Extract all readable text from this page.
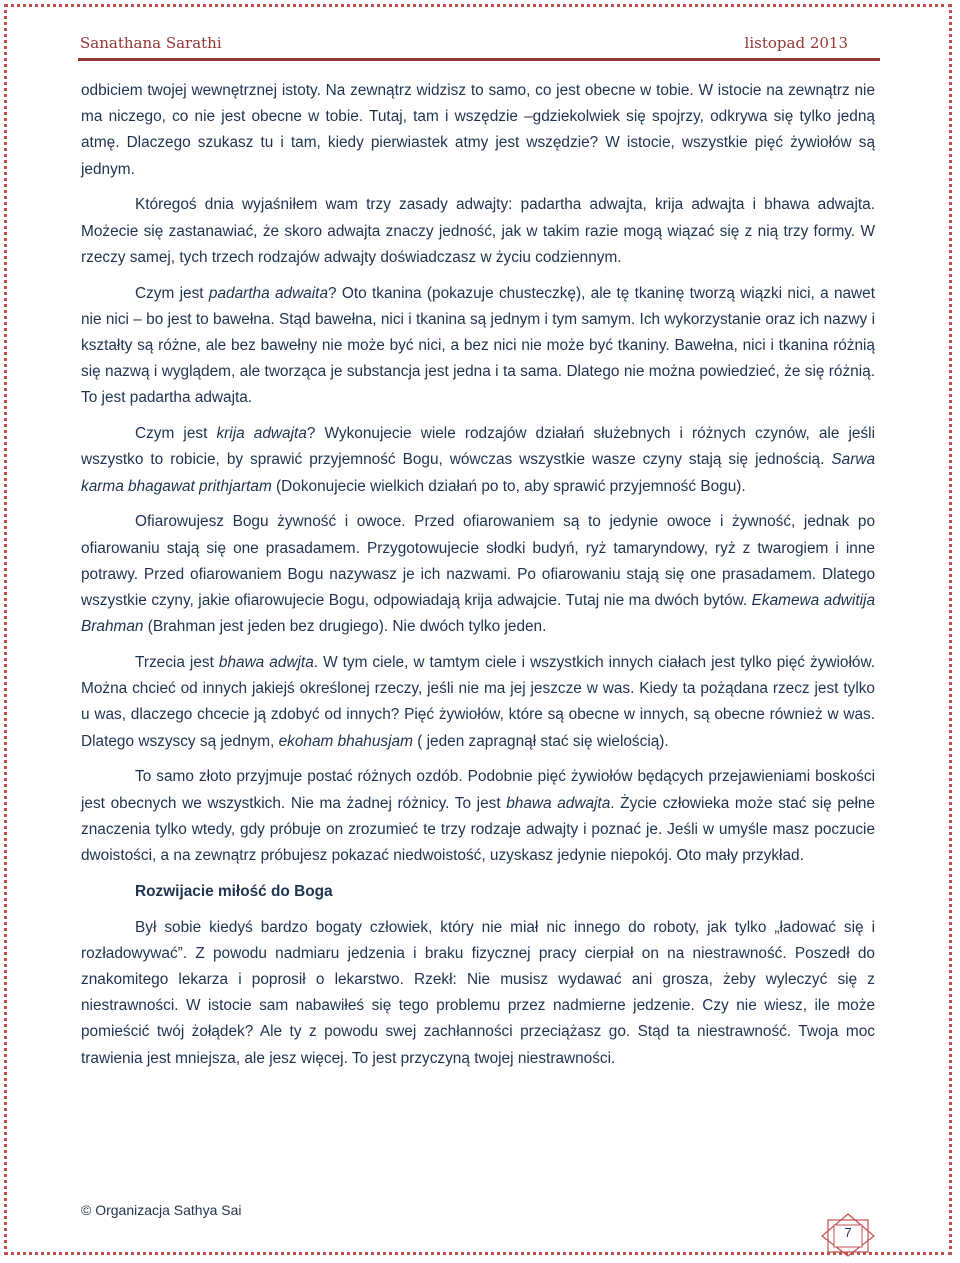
Sanathana Sarathi	listopad 2013

odbiciem twojej wewnętrznej istoty. Na zewnątrz widzisz to samo, co jest obecne w tobie. W istocie na zewnątrz nie ma niczego, co nie jest obecne w tobie. Tutaj, tam i wszędzie –gdziekolwiek się spojrzy, odkrywa się tylko jedną atmę. Dlaczego szukasz tu i tam, kiedy pierwiastek atmy jest wszędzie? W istocie, wszystkie pięć żywiołów są jednym.

Któregoś dnia wyjaśniłem wam trzy zasady adwajty: padartha adwajta, krija adwajta i bhawa adwajta. Możecie się zastanawiać, że skoro adwajta znaczy jedność, jak w takim razie mogą wiązać się z nią trzy formy. W rzeczy samej, tych trzech rodzajów adwajty doświadczasz w życiu codziennym.

Czym jest padartha adwaita? Oto tkanina (pokazuje chusteczkę), ale tę tkaninę tworzą wiązki nici, a nawet nie nici – bo jest to bawełna. Stąd bawełna, nici i tkanina są jednym i tym samym. Ich wykorzystanie oraz ich nazwy i kształty są różne, ale bez bawełny nie może być nici, a bez nici nie może być tkaniny. Bawełna, nici i tkanina różnią się nazwą i wyglądem, ale tworząca je substancja jest jedna i ta sama. Dlatego nie można powiedzieć, że się różnią. To jest padartha adwajta.

Czym jest krija adwajta? Wykonujecie wiele rodzajów działań służebnych i różnych czynów, ale jeśli wszystko to robicie, by sprawić przyjemność Bogu, wówczas wszystkie wasze czyny stają się jednością. Sarwa karma bhagawat prithjartam (Dokonujecie wielkich działań po to, aby sprawić przyjemność Bogu).

Ofiarowujesz Bogu żywność i owoce. Przed ofiarowaniem są to jedynie owoce i żywność, jednak po ofiarowaniu stają się one prasadamem. Przygotowujecie słodki budyń, ryż tamaryndowy, ryż z twarogiem i inne potrawy. Przed ofiarowaniem Bogu nazywasz je ich nazwami. Po ofiarowaniu stają się one prasadamem. Dlatego wszystkie czyny, jakie ofiarowujecie Bogu, odpowiadają krija adwajcie. Tutaj nie ma dwóch bytów. Ekamewa adwitija Brahman (Brahman jest jeden bez drugiego). Nie dwóch tylko jeden.

Trzecia jest bhawa adwjta. W tym ciele, w tamtym ciele i wszystkich innych ciałach jest tylko pięć żywiołów. Można chcieć od innych jakiejś określonej rzeczy, jeśli nie ma jej jeszcze w was. Kiedy ta pożądana rzecz jest tylko u was, dlaczego chcecie ją zdobyć od innych? Pięć żywiołów, które są obecne w innych, są obecne również w was. Dlatego wszyscy są jednym, ekoham bhahusjam ( jeden zapragnął stać się wielością).

To samo złoto przyjmuje postać różnych ozdób. Podobnie pięć żywiołów będących przejawieniami boskości jest obecnych we wszystkich. Nie ma żadnej różnicy. To jest bhawa adwajta. Życie człowieka może stać się pełne znaczenia tylko wtedy, gdy próbuje on zrozumieć te trzy rodzaje adwajty i poznać je. Jeśli w umyśle masz poczucie dwoistości, a na zewnątrz próbujesz pokazać niedwoistość, uzyskasz jedynie niepokój. Oto mały przykład.

Rozwijacie miłość do Boga

Był sobie kiedyś bardzo bogaty człowiek, który nie miał nic innego do roboty, jak tylko „ładować się i rozładowywać”. Z powodu nadmiaru jedzenia i braku fizycznej pracy cierpiał on na niestrawność. Poszedł do znakomitego lekarza i poprosił o lekarstwo. Rzekł: Nie musisz wydawać ani grosza, żeby wyleczyć się z niestrawności. W istocie sam nabawiłeś się tego problemu przez nadmierne jedzenie. Czy nie wiesz, ile może pomieścić twój żołądek? Ale ty z powodu swej zachłanności przeciążasz go. Stąd ta niestrawność. Twoja moc trawienia jest mniejsza, ale jesz więcej. To jest przyczyną twojej niestrawności.

© Organizacja Sathya Sai
7
